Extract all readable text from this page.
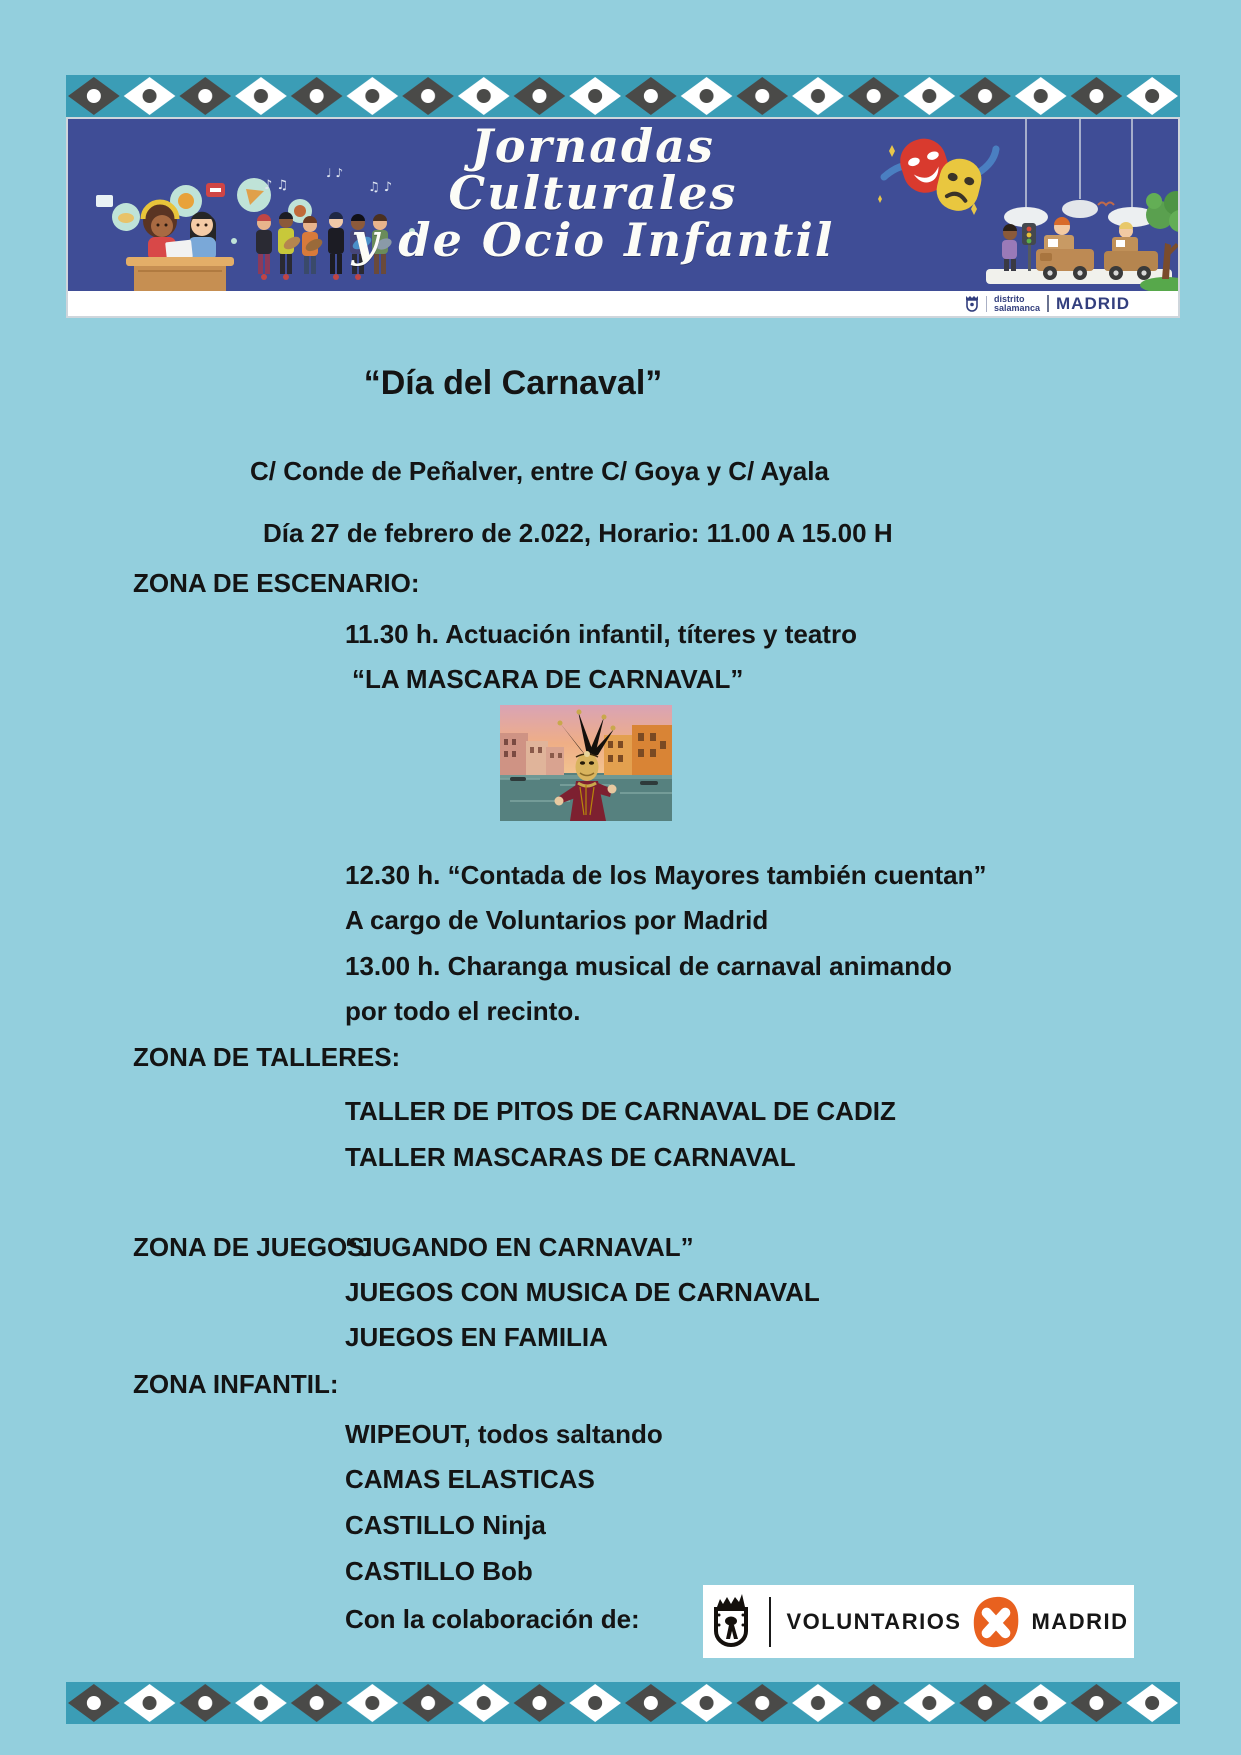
♪ ♫
♩ ♪
♫ ♪
Jornadas
Culturales
y de Ocio Infantil
distrito
salamanca MADRID
“Día del Carnaval”
C/ Conde de Peñalver, entre C/ Goya y C/ Ayala
Día 27 de febrero de 2.022, Horario: 11.00 A 15.00 H
ZONA DE ESCENARIO:
11.30 h. Actuación infantil, títeres y teatro
“LA MASCARA DE CARNAVAL”
12.30 h. “Contada de los Mayores también cuentan”
A cargo de Voluntarios por Madrid
13.00 h. Charanga musical de carnaval animando
por todo el recinto.
ZONA DE TALLERES:
TALLER DE PITOS DE CARNAVAL DE CADIZ
TALLER MASCARAS DE CARNAVAL
ZONA DE JUEGOS:
“JUGANDO EN CARNAVAL”
JUEGOS CON MUSICA DE CARNAVAL
JUEGOS EN FAMILIA
ZONA INFANTIL:
WIPEOUT, todos saltando
CAMAS ELASTICAS
CASTILLO Ninja
CASTILLO Bob
Con la colaboración de:	VOLUNTARIOS	MADRID
